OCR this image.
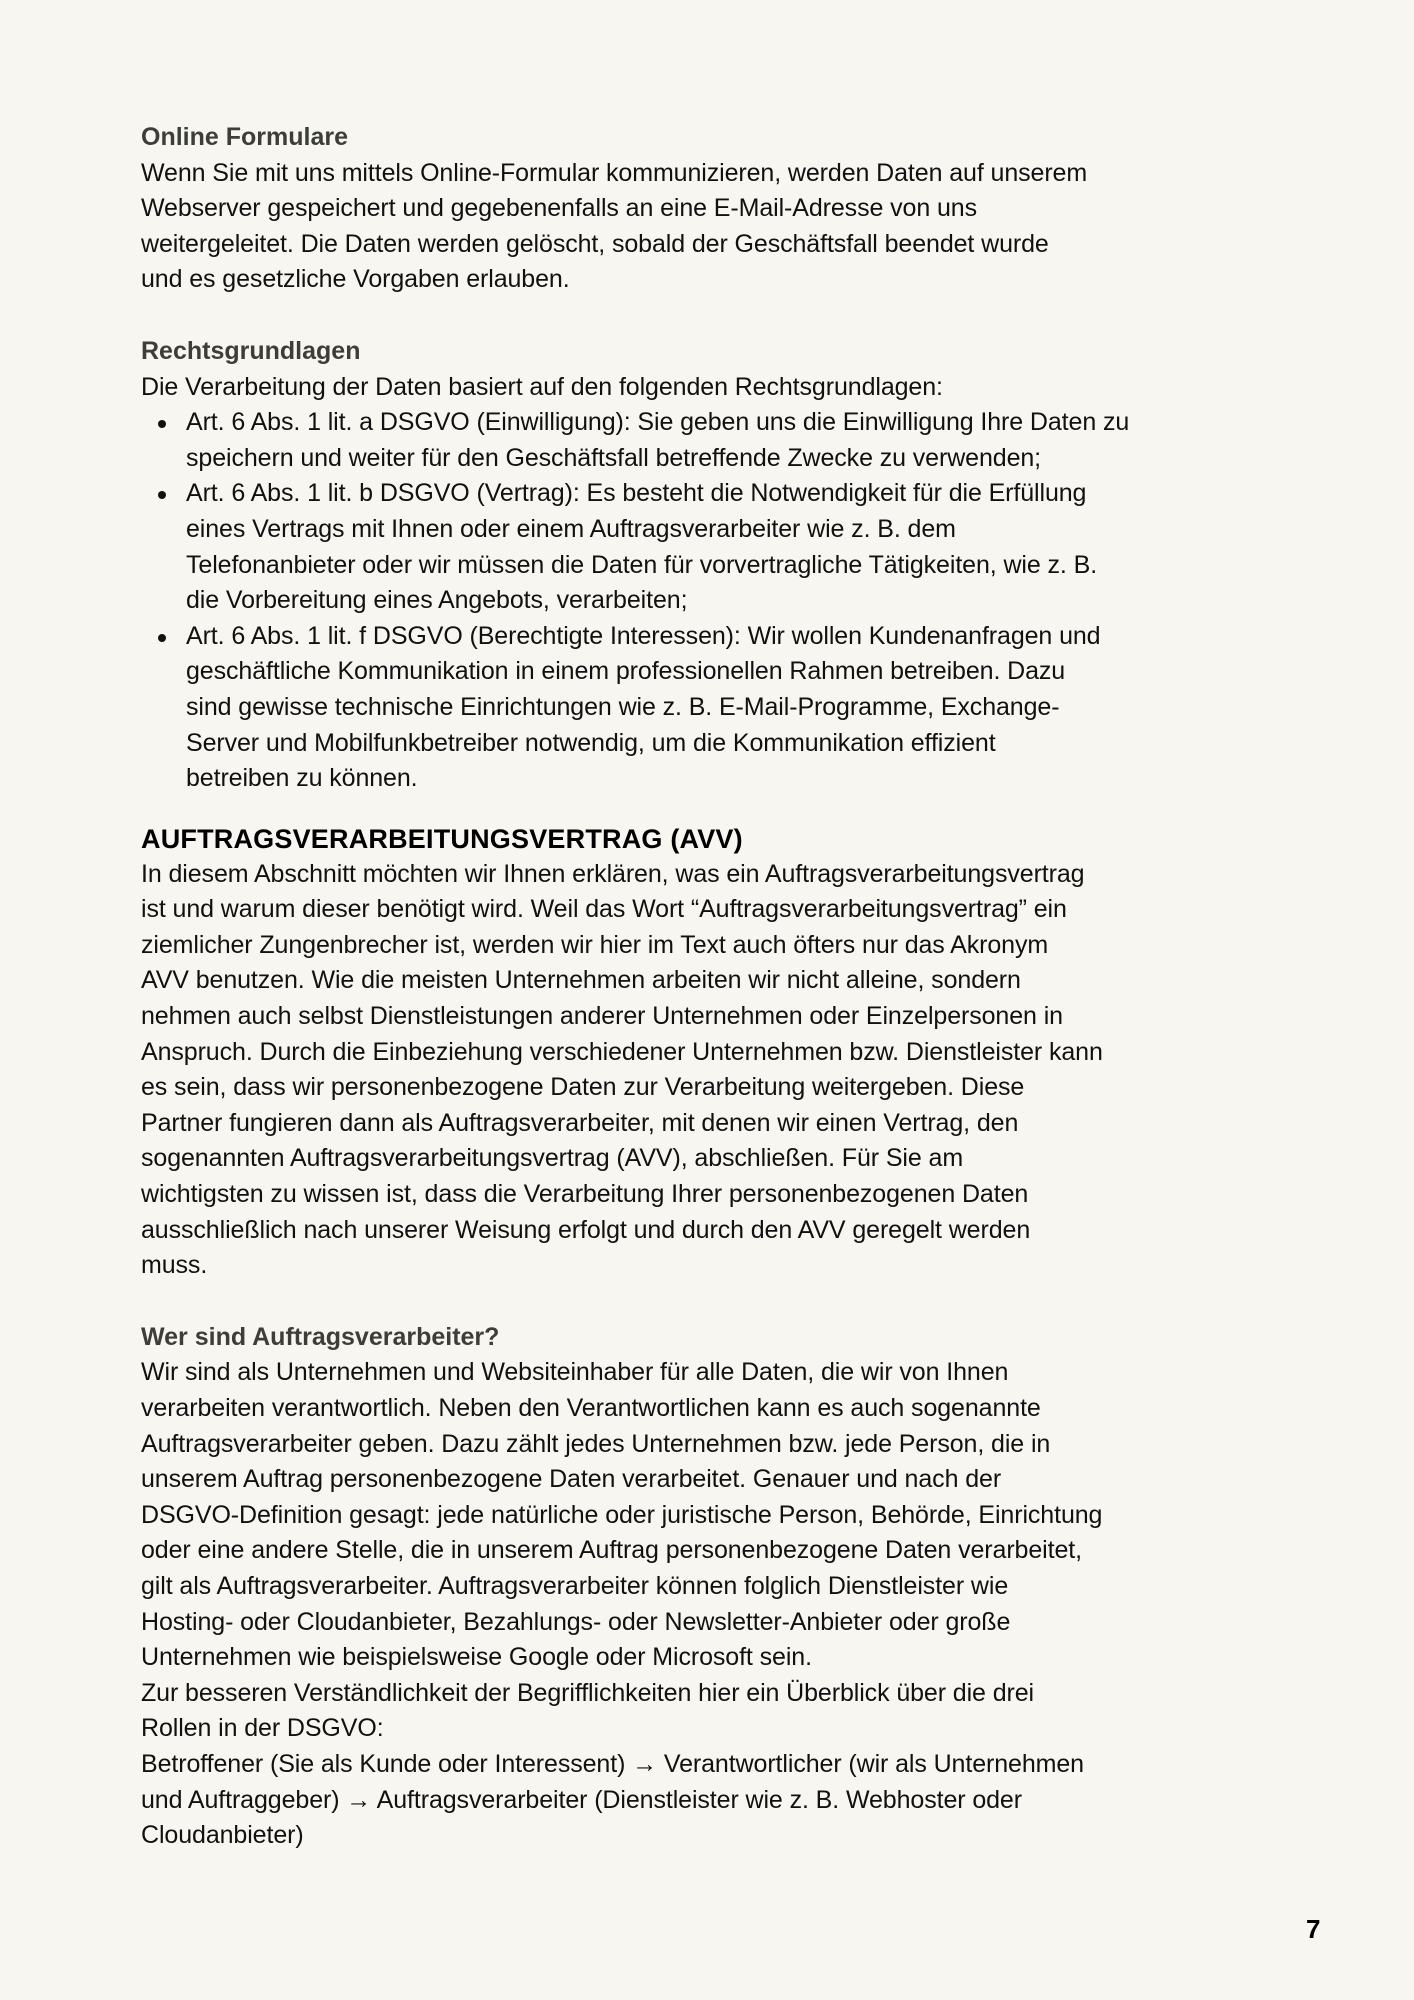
Online Formulare
Wenn Sie mit uns mittels Online-Formular kommunizieren, werden Daten auf unserem
Webserver gespeichert und gegebenenfalls an eine E-Mail-Adresse von uns
weitergeleitet. Die Daten werden gelöscht, sobald der Geschäftsfall beendet wurde
und es gesetzliche Vorgaben erlauben.
Rechtsgrundlagen
Die Verarbeitung der Daten basiert auf den folgenden Rechtsgrundlagen:
Art. 6 Abs. 1 lit. a DSGVO (Einwilligung): Sie geben uns die Einwilligung Ihre Daten zu
speichern und weiter für den Geschäftsfall betreffende Zwecke zu verwenden;
Art. 6 Abs. 1 lit. b DSGVO (Vertrag): Es besteht die Notwendigkeit für die Erfüllung
eines Vertrags mit Ihnen oder einem Auftragsverarbeiter wie z. B. dem
Telefonanbieter oder wir müssen die Daten für vorvertragliche Tätigkeiten, wie z. B.
die Vorbereitung eines Angebots, verarbeiten;
Art. 6 Abs. 1 lit. f DSGVO (Berechtigte Interessen): Wir wollen Kundenanfragen und
geschäftliche Kommunikation in einem professionellen Rahmen betreiben. Dazu
sind gewisse technische Einrichtungen wie z. B. E-Mail-Programme, Exchange-
Server und Mobilfunkbetreiber notwendig, um die Kommunikation effizient
betreiben zu können.
AUFTRAGSVERARBEITUNGSVERTRAG (AVV)
In diesem Abschnitt möchten wir Ihnen erklären, was ein Auftragsverarbeitungsvertrag
ist und warum dieser benötigt wird. Weil das Wort “Auftragsverarbeitungsvertrag” ein
ziemlicher Zungenbrecher ist, werden wir hier im Text auch öfters nur das Akronym
AVV benutzen. Wie die meisten Unternehmen arbeiten wir nicht alleine, sondern
nehmen auch selbst Dienstleistungen anderer Unternehmen oder Einzelpersonen in
Anspruch. Durch die Einbeziehung verschiedener Unternehmen bzw. Dienstleister kann
es sein, dass wir personenbezogene Daten zur Verarbeitung weitergeben. Diese
Partner fungieren dann als Auftragsverarbeiter, mit denen wir einen Vertrag, den
sogenannten Auftragsverarbeitungsvertrag (AVV), abschließen. Für Sie am
wichtigsten zu wissen ist, dass die Verarbeitung Ihrer personenbezogenen Daten
ausschließlich nach unserer Weisung erfolgt und durch den AVV geregelt werden
muss.
Wer sind Auftragsverarbeiter?
Wir sind als Unternehmen und Websiteinhaber für alle Daten, die wir von Ihnen
verarbeiten verantwortlich. Neben den Verantwortlichen kann es auch sogenannte
Auftragsverarbeiter geben. Dazu zählt jedes Unternehmen bzw. jede Person, die in
unserem Auftrag personenbezogene Daten verarbeitet. Genauer und nach der
DSGVO-Definition gesagt: jede natürliche oder juristische Person, Behörde, Einrichtung
oder eine andere Stelle, die in unserem Auftrag personenbezogene Daten verarbeitet,
gilt als Auftragsverarbeiter. Auftragsverarbeiter können folglich Dienstleister wie
Hosting- oder Cloudanbieter, Bezahlungs- oder Newsletter-Anbieter oder große
Unternehmen wie beispielsweise Google oder Microsoft sein.
Zur besseren Verständlichkeit der Begrifflichkeiten hier ein Überblick über die drei
Rollen in der DSGVO:
Betroffener (Sie als Kunde oder Interessent) → Verantwortlicher (wir als Unternehmen
und Auftraggeber) → Auftragsverarbeiter (Dienstleister wie z. B. Webhoster oder
Cloudanbieter)
7
